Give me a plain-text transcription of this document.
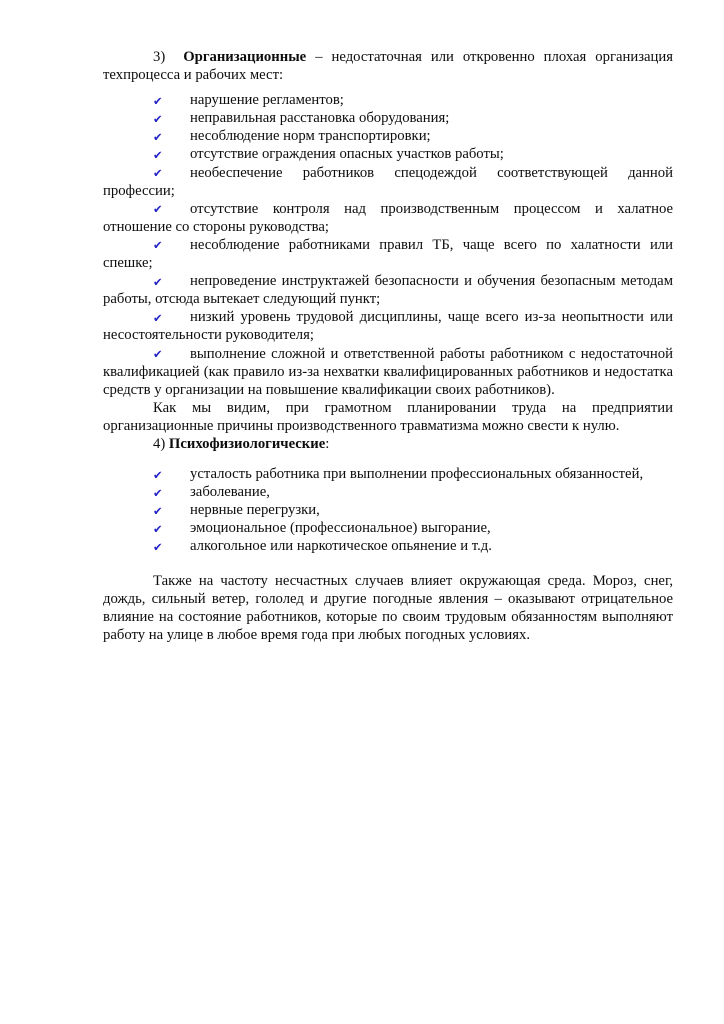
3) Организационные – недостаточная или откровенно плохая организация техпроцесса и рабочих мест:

✔ нарушение регламентов;
✔ неправильная расстановка оборудования;
✔ несоблюдение норм транспортировки;
✔ отсутствие ограждения опасных участков работы;
✔ необеспечение работников спецодеждой соответствующей данной профессии;
✔ отсутствие контроля над производственным процессом и халатное отношение со стороны руководства;
✔ несоблюдение работниками правил ТБ, чаще всего по халатности или спешке;
✔ непроведение инструктажей безопасности и обучения безопасным методам работы, отсюда вытекает следующий пункт;
✔ низкий уровень трудовой дисциплины, чаще всего из-за неопытности или несостоятельности руководителя;
✔ выполнение сложной и ответственной работы работником с недостаточной квалификацией (как правило из-за нехватки квалифицированных работников и недостатка средств у организации на повышение квалификации своих работников).

Как мы видим, при грамотном планировании труда на предприятии организационные причины производственного травматизма можно свести к нулю.

4) Психофизиологические:

✔ усталость работника при выполнении профессиональных обязанностей,
✔ заболевание,
✔ нервные перегрузки,
✔ эмоциональное (профессиональное) выгорание,
✔ алкогольное или наркотическое опьянение и т.д.

Также на частоту несчастных случаев влияет окружающая среда. Мороз, снег, дождь, сильный ветер, гололед и другие погодные явления – оказывают отрицательное влияние на состояние работников, которые по своим трудовым обязанностям выполняют работу на улице в любое время года при любых погодных условиях.
